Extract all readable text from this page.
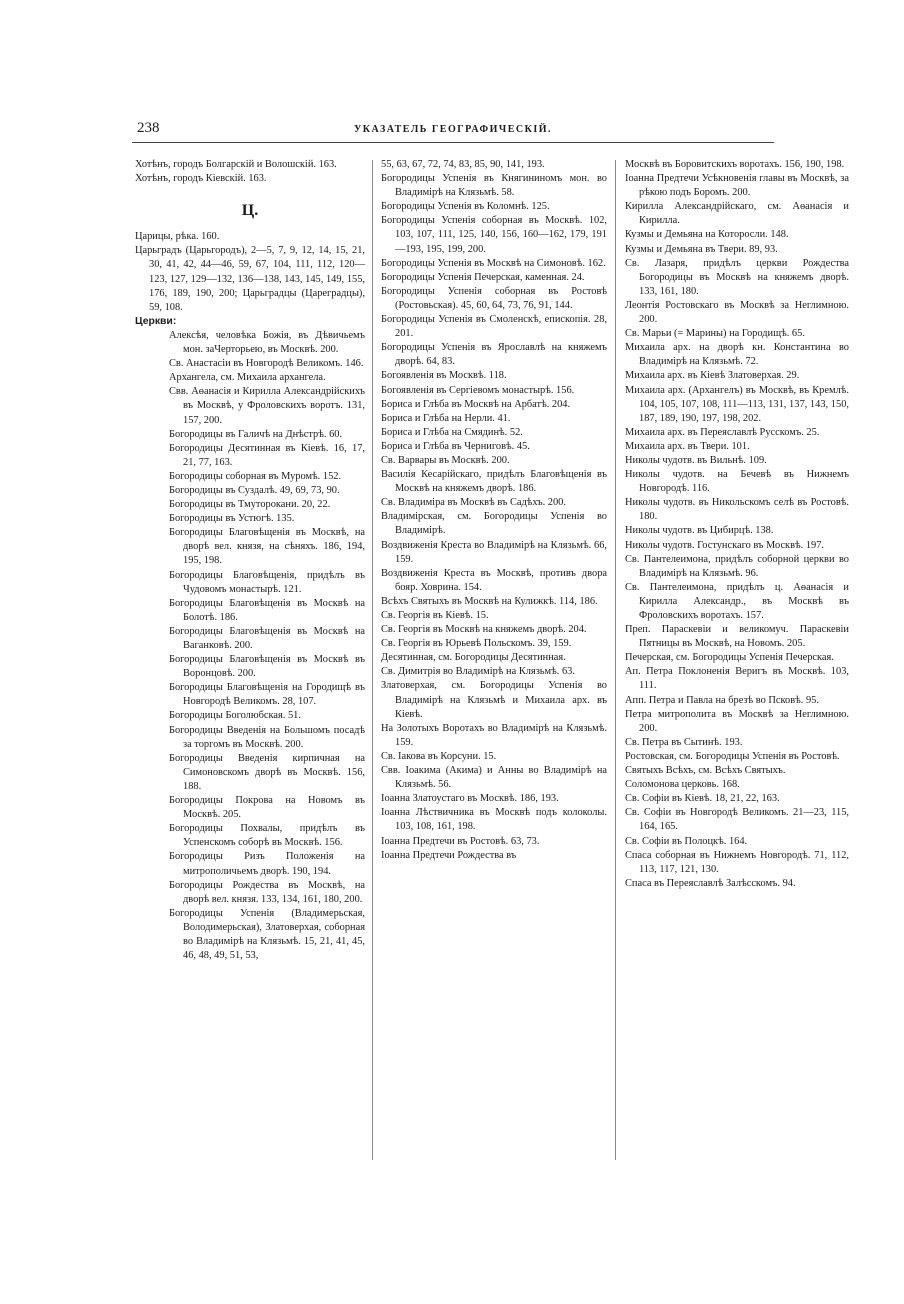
238	УКАЗАТЕЛЬ ГЕОГРАФИЧЕСКІЙ.

Хотѣнъ, городъ Болгарскій и Волошскій. 163.

Хотѣнъ, городъ Кіевскій. 163.

Ц.

Царицы, рѣка. 160.

Царьградъ (Царьгородъ), 2—5, 7, 9, 12, 14, 15, 21, 30, 41, 42, 44—46, 59, 67, 104, 111, 112, 120—123, 127, 129—132, 136—138, 143, 145, 149, 155, 176, 189, 190, 200; Царьградцы (Цареградцы), 59, 108.

Церкви:

Алексѣя, человѣка Божія, въ Дѣвичьемъ мон. заЧерторьею, въ Москвѣ. 200.

Св. Анастасіи въ Новгородѣ Великомъ. 146.

Архангела, см. Михаила архангела.

Свв. Аѳанасія и Кирилла Александрійскихъ въ Москвѣ, у Фроловскихъ воротъ. 131, 157, 200.

Богородицы въ Галичѣ на Днѣстрѣ. 60.

Богородицы Десятинная въ Кіевѣ. 16, 17, 21, 77, 163.

Богородицы соборная въ Муромѣ. 152.

Богородицы въ Суздалѣ. 49, 69, 73, 90.

Богородицы въ Тмуторокани. 20, 22.

Богородицы въ Устюгѣ. 135.

Богородицы Благовѣщенія въ Москвѣ, на дворѣ вел. князя, на сѣняхъ. 186, 194, 195, 198.

Богородицы Благовѣщенія, придѣлъ въ Чудовомъ монастырѣ. 121.

Богородицы Благовѣщенія въ Москвѣ на Болотѣ. 186.

Богородицы Благовѣщенія въ Москвѣ на Ваганковѣ. 200.

Богородицы Благовѣщенія въ Москвѣ въ Воронцовѣ. 200.

Богородицы Благовѣщенія на Городищѣ въ Новгородѣ Великомъ. 28, 107.

Богородицы Боголюбская. 51.

Богородицы Введенія на Большомъ посадѣ за торгомъ въ Москвѣ. 200.

Богородицы Введенія кирпичная на Симоновскомъ дворѣ въ Москвѣ. 156, 188.

Богородицы Покрова на Новомъ въ Москвѣ. 205.

Богородицы Похвалы, придѣлъ въ Успенскомъ соборѣ въ Москвѣ. 156.

Богородицы Ризъ Положенія на митрополичьемъ дворѣ. 190, 194.

Богородицы Рождества въ Москвѣ, на дворѣ вел. князя. 133, 134, 161, 180, 200.

Богородицы Успенія (Владимерьская, Володимерьская), Златоверхая, соборная во Владимірѣ на Клязьмѣ. 15, 21, 41, 45, 46, 48, 49, 51, 53,

55, 63, 67, 72, 74, 83, 85, 90, 141, 193.

Богородицы Успенія въ Княгининомъ мон. во Владимірѣ на Клязьмѣ. 58.

Богородицы Успенія въ Коломнѣ. 125.

Богородицы Успенія соборная въ Москвѣ. 102, 103, 107, 111, 125, 140, 156, 160—162, 179, 191—193, 195, 199, 200.

Богородицы Успенія въ Москвѣ на Симоновѣ. 162.

Богородицы Успенія Печерская, каменная. 24.

Богородицы Успенія соборная въ Ростовѣ (Ростовьская). 45, 60, 64, 73, 76, 91, 144.

Богородицы Успенія въ Смоленскѣ, епископія. 28, 201.

Богородицы Успенія въ Ярославлѣ на княжемъ дворѣ. 64, 83.

Богоявленія въ Москвѣ. 118.

Богоявленія въ Сергіевомъ монастырѣ. 156.

Бориса и Глѣба въ Москвѣ на Арбатѣ. 204.

Бориса и Глѣба на Нерли. 41.

Бориса и Глѣба на Смядинѣ. 52.

Бориса и Глѣба въ Черниговѣ. 45.

Св. Варвары въ Москвѣ. 200.

Василія Кесарійскаго, придѣлъ Благовѣщенія въ Москвѣ на княжемъ дворѣ. 186.

Св. Владиміра въ Москвѣ въ Садѣхъ. 200.

Владимірская, см. Богородицы Успенія во Владимірѣ.

Воздвиженія Креста во Владимірѣ на Клязьмѣ. 66, 159.

Воздвиженія Креста въ Москвѣ, противъ двора бояр. Ховрина. 154.

Всѣхъ Святыхъ въ Москвѣ на Кулижкѣ. 114, 186.

Св. Георгія въ Кіевѣ. 15.

Св. Георгія въ Москвѣ на княжемъ дворѣ. 204.

Св. Георгія въ Юрьевѣ Польскомъ. 39, 159.

Десятинная, см. Богородицы Десятинная.

Св. Димитрія во Владимірѣ на Клязьмѣ. 63.

Златоверхая, см. Богородицы Успенія во Владимірѣ на Клязьмѣ и Михаила арх. въ Кіевѣ.

На Золотыхъ Воротахъ во Владимірѣ на Клязьмѣ. 159.

Св. Іакова въ Корсуни. 15.

Свв. Іоакима (Акима) и Анны во Владимірѣ на Клязьмѣ. 56.

Іоанна Златоустаго въ Москвѣ. 186, 193.

Іоанна Лѣствичника въ Москвѣ подъ колоколы. 103, 108, 161, 198.

Іоанна Предтечи въ Ростовѣ. 63, 73.

Іоанна Предтечи Рождества въ

Москвѣ въ Боровитскихъ воротахъ. 156, 190, 198.

Іоанна Предтечи Усѣкновенія главы въ Москвѣ, за рѣкою подъ Боромъ. 200.

Кирилла Александрійскаго, см. Аѳанасія и Кирилла.

Кузмы и Демьяна на Которосли. 148.

Кузмы и Демьяна въ Твери. 89, 93.

Св. Лазаря, придѣлъ церкви Рождества Богородицы въ Москвѣ на княжемъ дворѣ. 133, 161, 180.

Леонтія Ростовскаго въ Москвѣ за Неглимною. 200.

Св. Марьи (= Марины) на Городищѣ. 65.

Михаила арх. на дворѣ кн. Константина во Владимірѣ на Клязьмѣ. 72.

Михаила арх. въ Кіевѣ Златоверхая. 29.

Михаила арх. (Архангелъ) въ Москвѣ, въ Кремлѣ. 104, 105, 107, 108, 111—113, 131, 137, 143, 150, 187, 189, 190, 197, 198, 202.

Михаила арх. въ Переяславлѣ Русскомъ. 25.

Михаила арх. въ Твери. 101.

Николы чудотв. въ Вильнѣ. 109.

Николы чудотв. на Бечевѣ въ Нижнемъ Новгородѣ. 116.

Николы чудотв. въ Никольскомъ селѣ въ Ростовѣ. 180.

Николы чудотв. въ Цибирцѣ. 138.

Николы чудотв. Гостунскаго въ Москвѣ. 197.

Св. Пантелеимона, придѣлъ соборной церкви во Владимірѣ на Клязьмѣ. 96.

Св. Пантелеимона, придѣлъ ц. Аѳанасія и Кирилла Александр., въ Москвѣ въ Фроловскихъ воротахъ. 157.

Преп. Параскевіи и великомуч. Параскевіи Пятницы въ Москвѣ, на Новомъ. 205.

Печерская, см. Богородицы Успенія Печерская.

Ап. Петра Поклоненія Веригъ въ Москвѣ. 103, 111.

Апп. Петра и Павла на брезѣ во Псковѣ. 95.

Петра митрополита въ Москвѣ за Неглимною. 200.

Св. Петра въ Сытинѣ. 193.

Ростовская, см. Богородицы Успенія въ Ростовѣ.

Святыхъ Всѣхъ, см. Всѣхъ Святыхъ.

Соломонова церковь. 168.

Св. Софіи въ Кіевѣ. 18, 21, 22, 163.

Св. Софіи въ Новгородѣ Великомъ. 21—23, 115, 164, 165.

Св. Софіи въ Полоцкѣ. 164.

Спаса соборная въ Нижнемъ Новгородѣ. 71, 112, 113, 117, 121, 130.

Спаса въ Переяславлѣ Залѣсскомъ. 94.
